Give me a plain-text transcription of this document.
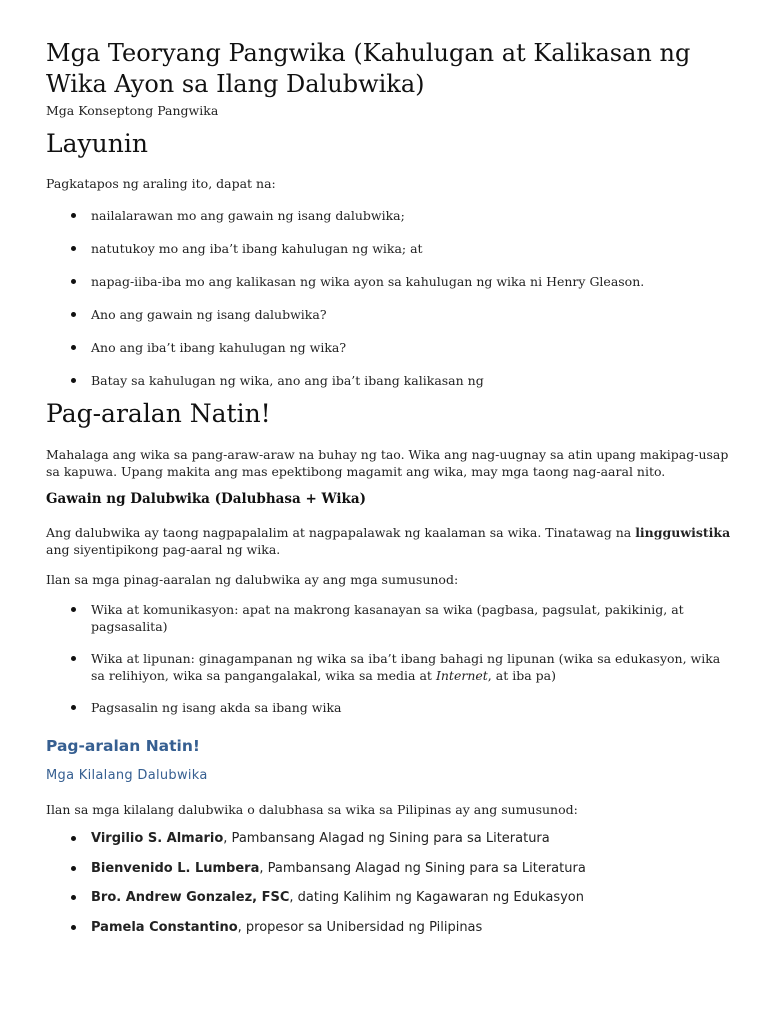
Mga Teoryang Pangwika (Kahulugan at Kalikasan ng Wika Ayon sa Ilang Dalubwika)

Mga Konseptong Pangwika

Layunin

Pagkatapos ng araling ito, dapat na:

nailalarawan mo ang gawain ng isang dalubwika;
natutukoy mo ang iba’t ibang kahulugan ng wika; at
napag-iiba-iba mo ang kalikasan ng wika ayon sa kahulugan ng wika ni Henry Gleason.
Ano ang gawain ng isang dalubwika?
Ano ang iba’t ibang kahulugan ng wika?
Batay sa kahulugan ng wika, ano ang iba’t ibang kalikasan ng
Pag-aralan Natin!

Mahalaga ang wika sa pang-araw-araw na buhay ng tao. Wika ang nag-uugnay sa atin upang makipag-usap sa kapuwa. Upang makita ang mas epektibong magamit ang wika, may mga taong nag-aaral nito.

Gawain ng Dalubwika (Dalubhasa + Wika)

Ang dalubwika ay taong nagpapalalim at nagpapalawak ng kaalaman sa wika. Tinatawag na lingguwistika ang siyentipikong pag-aaral ng wika.

Ilan sa mga pinag-aaralan ng dalubwika ay ang mga sumusunod:

Wika at komunikasyon: apat na makrong kasanayan sa wika (pagbasa, pagsulat, pakikinig, at pagsasalita)
Wika at lipunan: ginagampanan ng wika sa iba’t ibang bahagi ng lipunan (wika sa edukasyon, wika sa relihiyon, wika sa pangangalakal, wika sa media at Internet, at iba pa)
Pagsasalin ng isang akda sa ibang wika
Pag-aralan Natin!
Mga Kilalang Dalubwika

Ilan sa mga kilalang dalubwika o dalubhasa sa wika sa Pilipinas ay ang sumusunod:

Virgilio S. Almario, Pambansang Alagad ng Sining para sa Literatura
Bienvenido L. Lumbera, Pambansang Alagad ng Sining para sa Literatura
Bro. Andrew Gonzalez, FSC, dating Kalihim ng Kagawaran ng Edukasyon
Pamela Constantino, propesor sa Unibersidad ng Pilipinas
